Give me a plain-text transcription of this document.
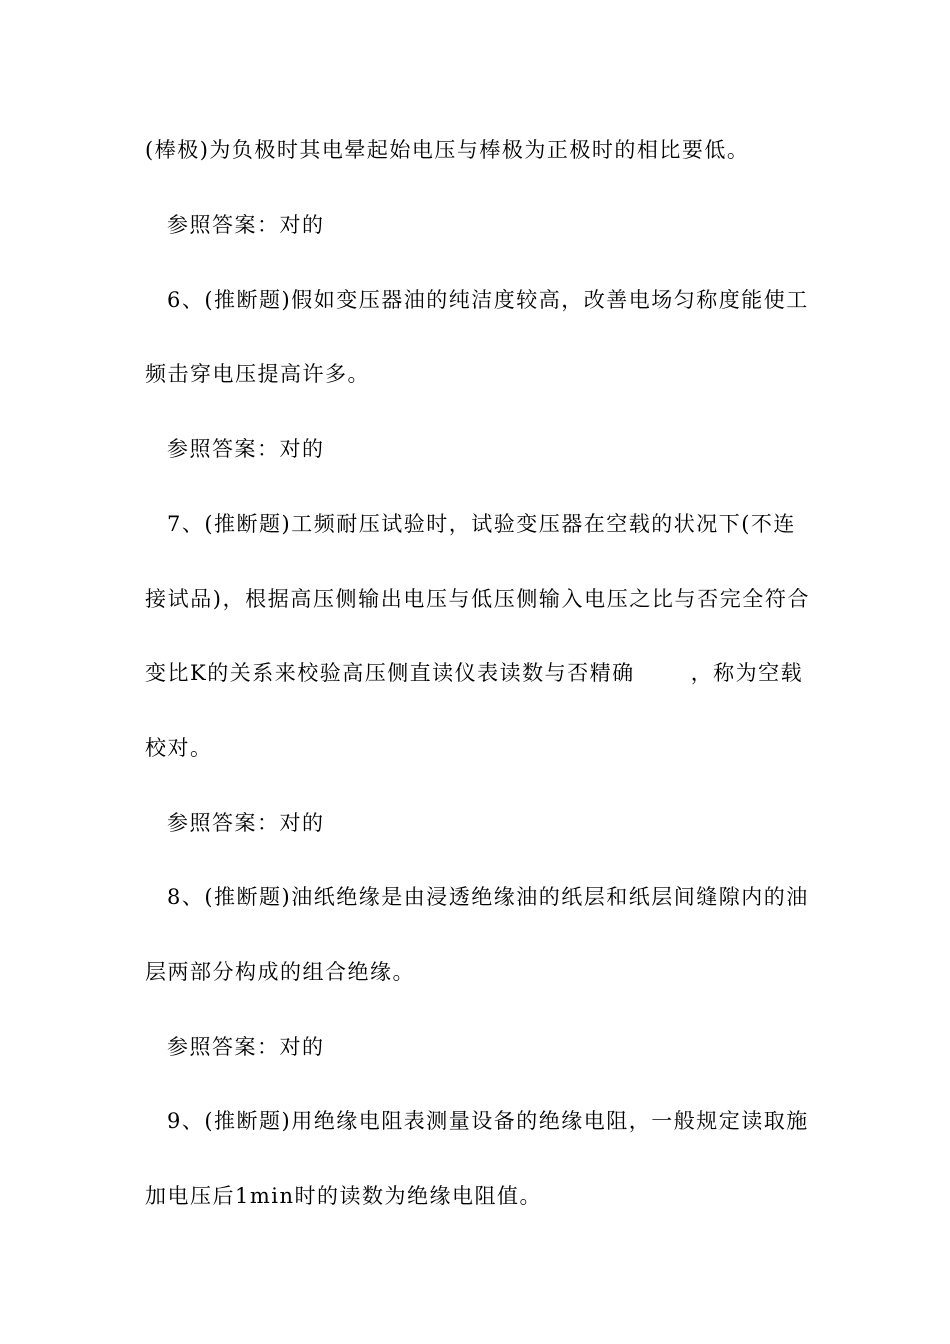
(棒极)为负极时其电晕起始电压与棒极为正极时的相比要低。
参照答案：对的
6、(推断题)假如变压器油的纯洁度较高，改善电场匀称度能使工
频击穿电压提高许多。
参照答案：对的
7、(推断题)工频耐压试验时，试验变压器在空载的状况下(不连
接试品)，根据高压侧输出电压与低压侧输入电压之比与否完全符合
变比K的关系来校验高压侧直读仪表读数与否精确	，称为空载
校对。
参照答案：对的
8、(推断题)油纸绝缘是由浸透绝缘油的纸层和纸层间缝隙内的油
层两部分构成的组合绝缘。
参照答案：对的
9、(推断题)用绝缘电阻表测量设备的绝缘电阻，一般规定读取施
加电压后1min时的读数为绝缘电阻值。
